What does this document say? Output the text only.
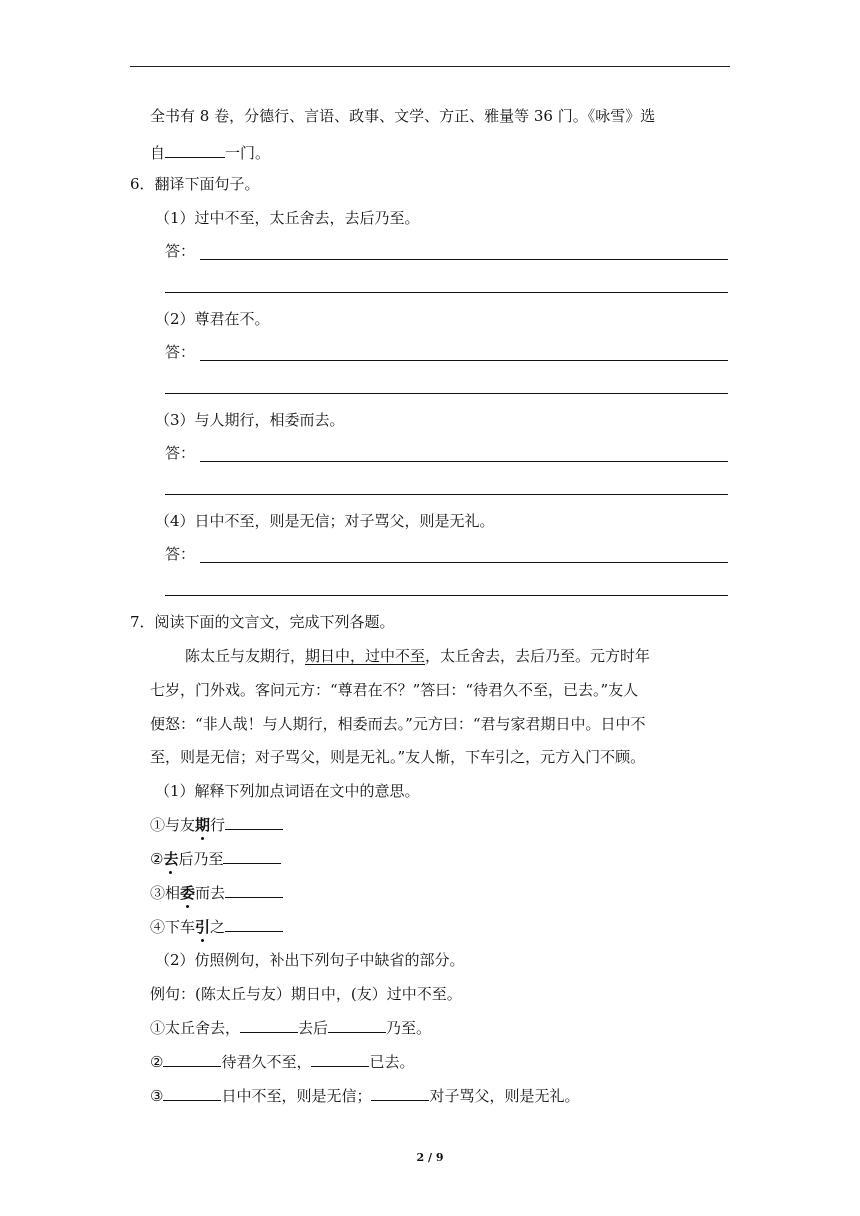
全书有 8 卷，分德行、言语、政事、文学、方正、雅量等 36 门。《咏雪》选
自	一门。
6．翻译下面句子。
（1）过中不至，太丘舍去，去后乃至。
答：
（2）尊君在不。
答：
（3）与人期行，相委而去。
答：
（4）日中不至，则是无信；对子骂父，则是无礼。
答：
7．阅读下面的文言文，完成下列各题。
陈太丘与友期行，期日中，过中不至，太丘舍去，去后乃至。元方时年
七岁，门外戏。客问元方：“尊君在不？”答曰：“待君久不至，已去。”友人
便怒：“非人哉！与人期行，相委而去。”元方曰：“君与家君期日中。日中不
至，则是无信；对子骂父，则是无礼。”友人惭，下车引之，元方入门不顾。
（1）解释下列加点词语在文中的意思。
①与友期行
②去后乃至
③相委而去
④下车引之
（2）仿照例句，补出下列句子中缺省的部分。
例句：(陈太丘与友）期日中，(友）过中不至。
①太丘舍去，	去后	乃至。
②	待君久不至，	已去。
③	日中不至，则是无信；	对子骂父，则是无礼。
2 / 9
